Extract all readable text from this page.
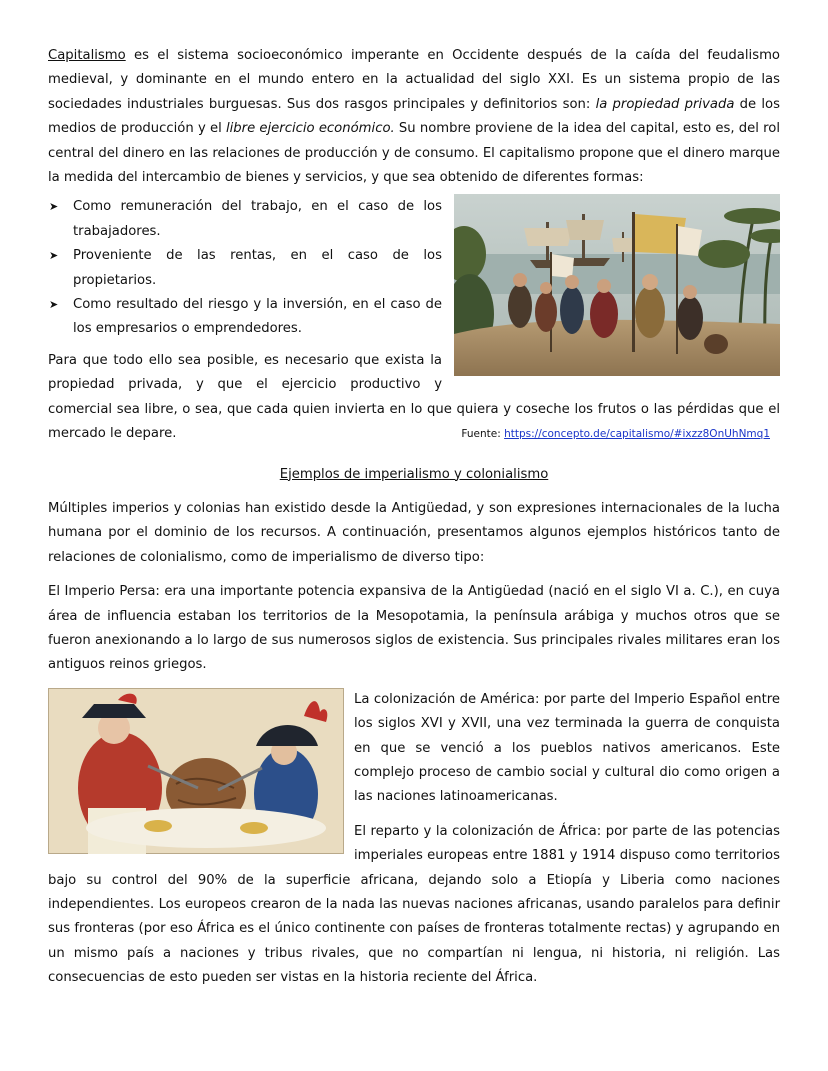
Capitalismo es el sistema socioeconómico imperante en Occidente después de la caída del feudalismo medieval, y dominante en el mundo entero en la actualidad del siglo XXI. Es un sistema propio de las sociedades industriales burguesas. Sus dos rasgos principales y definitorios son: la propiedad privada de los medios de producción y el libre ejercicio económico. Su nombre proviene de la idea del capital, esto es, del rol central del dinero en las relaciones de producción y de consumo. El capitalismo propone que el dinero marque la medida del intercambio de bienes y servicios, y que sea obtenido de diferentes formas:

➤ Como remuneración del trabajo, en el caso de los trabajadores.
➤ Proveniente de las rentas, en el caso de los propietarios.
➤ Como resultado del riesgo y la inversión, en el caso de los empresarios o emprendedores.

Para que todo ello sea posible, es necesario que exista la propiedad privada, y que el ejercicio productivo y comercial sea libre, o sea, que cada quien invierta en lo que quiera y coseche los frutos o las pérdidas que el mercado le depare.	Fuente: https://concepto.de/capitalismo/#ixzz8OnUhNmq1

Ejemplos de imperialismo y colonialismo

Múltiples imperios y colonias han existido desde la Antigüedad, y son expresiones internacionales de la lucha humana por el dominio de los recursos. A continuación, presentamos algunos ejemplos históricos tanto de relaciones de colonialismo, como de imperialismo de diverso tipo:

El Imperio Persa: era una importante potencia expansiva de la Antigüedad (nació en el siglo VI a. C.), en cuya área de influencia estaban los territorios de la Mesopotamia, la península arábiga y muchos otros que se fueron anexionando a lo largo de sus numerosos siglos de existencia. Sus principales rivales militares eran los antiguos reinos griegos.

La colonización de América: por parte del Imperio Español entre los siglos XVI y XVII, una vez terminada la guerra de conquista en que se venció a los pueblos nativos americanos. Este complejo proceso de cambio social y cultural dio como origen a las naciones latinoamericanas.

El reparto y la colonización de África: por parte de las potencias imperiales europeas entre 1881 y 1914 dispuso como territorios bajo su control del 90% de la superficie africana, dejando solo a Etiopía y Liberia como naciones independientes. Los europeos crearon de la nada las nuevas naciones africanas, usando paralelos para definir sus fronteras (por eso África es el único continente con países de fronteras totalmente rectas) y agrupando en un mismo país a naciones y tribus rivales, que no compartían ni lengua, ni historia, ni religión. Las consecuencias de esto pueden ser vistas en la historia reciente del África.
